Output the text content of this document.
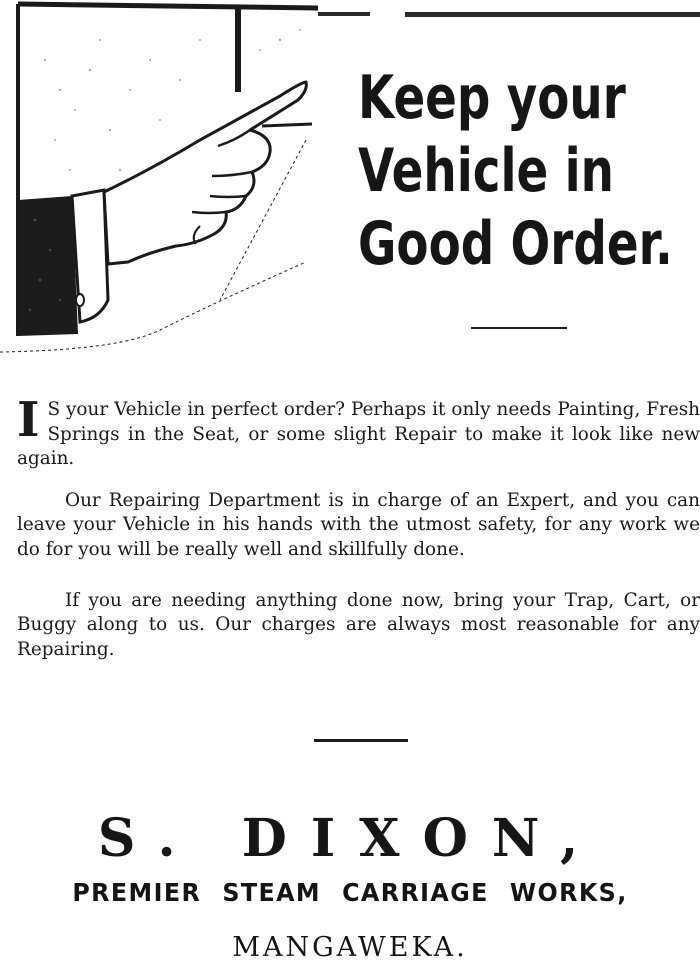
Keep your
Vehicle in
Good Order.

I S your Vehicle in perfect order? Perhaps it only needs Painting, Fresh Springs in the Seat, or some slight Repair to make it look like new again.

Our Repairing Department is in charge of an Expert, and you can leave your Vehicle in his hands with the utmost safety, for any work we do for you will be really well and skillfully done.

If you are needing anything done now, bring your Trap, Cart, or Buggy along to us. Our charges are always most reasonable for any Repairing.

S. DIXON,
PREMIER STEAM CARRIAGE WORKS,
MANGAWEKA.
